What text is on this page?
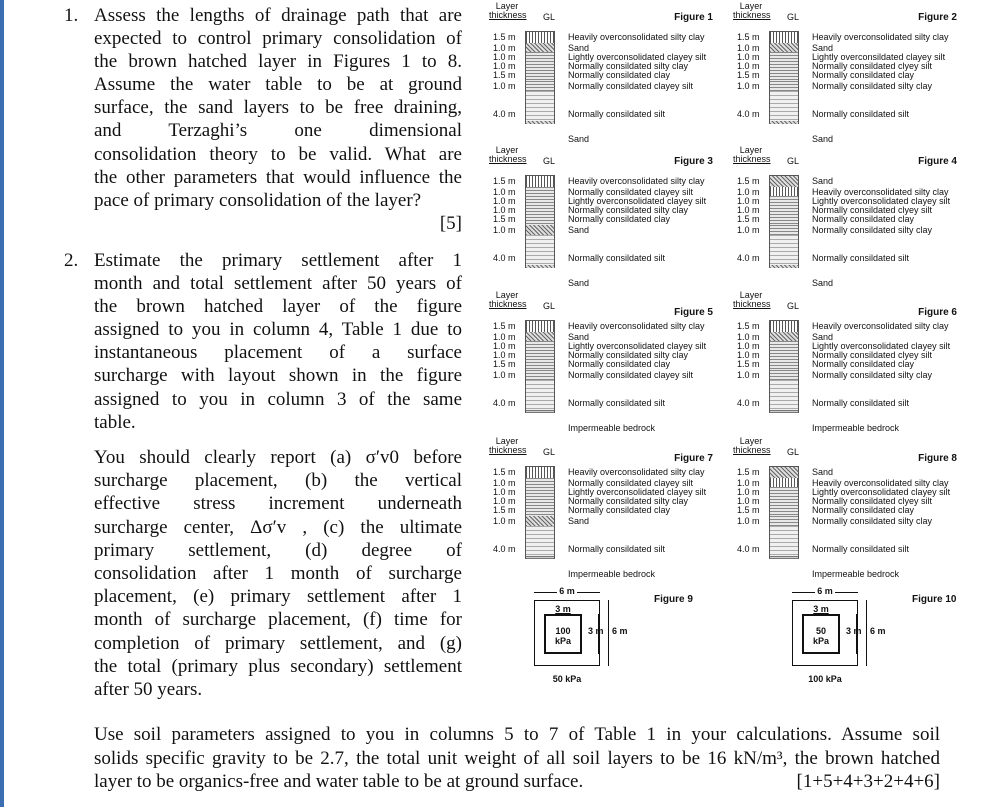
1. Assess the lengths of drainage path that are
expected to control primary consolidation of
the brown hatched layer in Figures 1 to 8.
Assume the water table to be at ground
surface, the sand layers to be free draining,
and Terzaghi’s one dimensional
consolidation theory to be valid. What are
the other parameters that would influence the
pace of primary consolidation of the layer?
[5]
2. Estimate the primary settlement after 1
month and total settlement after 50 years of
the brown hatched layer of the figure
assigned to you in column 4, Table 1 due to
instantaneous placement of a surface
surcharge with layout shown in the figure
assigned to you in column 3 of the same
table.
You should clearly report (a) σ′v0 before
surcharge placement, (b) the vertical
effective stress increment underneath
surcharge center, Δσ′v , (c) the ultimate
primary settlement, (d) degree of
consolidation after 1 month of surcharge
placement, (e) primary settlement after 1
month of surcharge placement, (f) time for
completion of primary settlement, and (g)
the total (primary plus secondary) settlement
after 50 years.
Use soil parameters assigned to you in columns 5 to 7 of Table 1 in your calculations. Assume soil
solids specific gravity to be 2.7, the total unit weight of all soil layers to be 16 kN/m³, the brown hatched
layer to be organics-free and water table to be at ground surface.	[1+5+4+3+2+4+6]
Layer
thickness GL	Figure 1
1.5 m	Heavily overconsolidated silty clay
1.0 m	Sand
1.0 m	Lightly overconsolidated clayey silt
1.0 m	Normally consildated silty clay
1.5 m	Normally consildated clay
1.0 m	Normally consildated clayey silt
4.0 m	Normally consildated silt
Sand
Layer
thickness GL	Figure 2
1.5 m	Heavily overconsolidated silty clay
1.0 m	Sand
1.0 m	Lightly overconsildated clayey silt
1.0 m	Normally consildated clyey silt
1.5 m	Normally consildated clay
1.0 m	Normally consildated silty clay
4.0 m	Normally consildated silt
Sand
Layer
thickness GL	Figure 3
1.5 m	Heavily overconsolidated silty clay
1.0 m	Normally consildated clayey silt
1.0 m	Lightly overconsolidated clayey silt
1.0 m	Normally consildated silty clay
1.5 m	Normally consildated clay
1.0 m	Sand
4.0 m	Normally consildated silt
Sand
Layer
thickness GL	Figure 4
1.5 m	Sand
1.0 m	Heavily overconsolidated silty clay
1.0 m	Lightly overconsolidated clayey silt
1.0 m	Normally consildated clyey silt
1.5 m	Normally consildated clay
1.0 m	Normally consildated silty clay
4.0 m	Normally consildated silt
Sand
Layer
thickness GL
Figure 5
1.5 m	Heavily overconsolidated silty clay
1.0 m	Sand
1.0 m	Lightly overconsolidated clayey silt
1.0 m	Normally consildated silty clay
1.5 m	Normally consildated clay
1.0 m	Normally consildated clayey silt
4.0 m	Normally consildated silt
Impermeable bedrock
Layer
thickness GL
Figure 6
1.5 m	Heavily overconsolidated silty clay
1.0 m	Sand
1.0 m	Lightly overconsolidated clayey silt
1.0 m	Normally consildated clyey silt
1.5 m	Normally consildated clay
1.0 m	Normally consildated silty clay
4.0 m	Normally consildated silt
Impermeable bedrock
Layer
thickness GL
Figure 7
1.5 m	Heavily overconsolidated silty clay
1.0 m	Normally consildated clayey silt
1.0 m	Lightly overconsolidated clayey silt
1.0 m	Normally consildated silty clay
1.5 m	Normally consildated clay
1.0 m	Sand
4.0 m	Normally consildated silt
Impermeable bedrock
Layer
thickness GL
Figure 8
1.5 m	Sand
1.0 m	Heavily overconsolidated silty clay
1.0 m	Lightly overconsolidated clayey silt
1.0 m	Normally consildated clyey silt
1.5 m	Normally consildated clay
1.0 m	Normally consildated silty clay
4.0 m	Normally consildated silt
Impermeable bedrock
6 m
3 m
100
kPa
3 m 6 m
50 kPa
Figure 9
6 m
3 m
50
kPa
3 m 6 m
100 kPa
Figure 10
